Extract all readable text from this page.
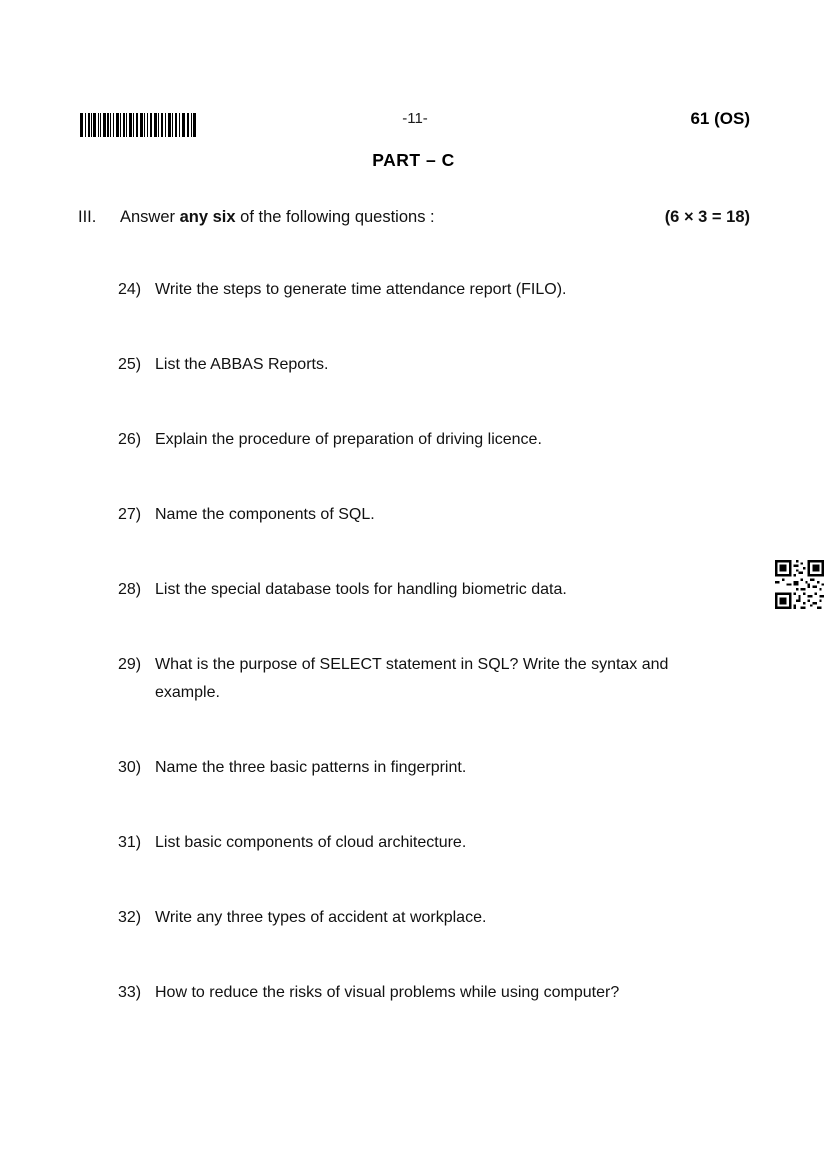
-11-	61 (OS)
PART – C
III.	Answer any six of the following questions :	(6 × 3 = 18)
24) Write the steps to generate time attendance report (FILO).
25) List the ABBAS Reports.
26) Explain the procedure of preparation of driving licence.
27) Name the components of SQL.
28) List the special database tools for handling biometric data.
29) What is the purpose of SELECT statement in SQL? Write the syntax and example.
30) Name the three basic patterns in fingerprint.
31) List basic components of cloud architecture.
32) Write any three types of accident at workplace.
33) How to reduce the risks of visual problems while using computer?
